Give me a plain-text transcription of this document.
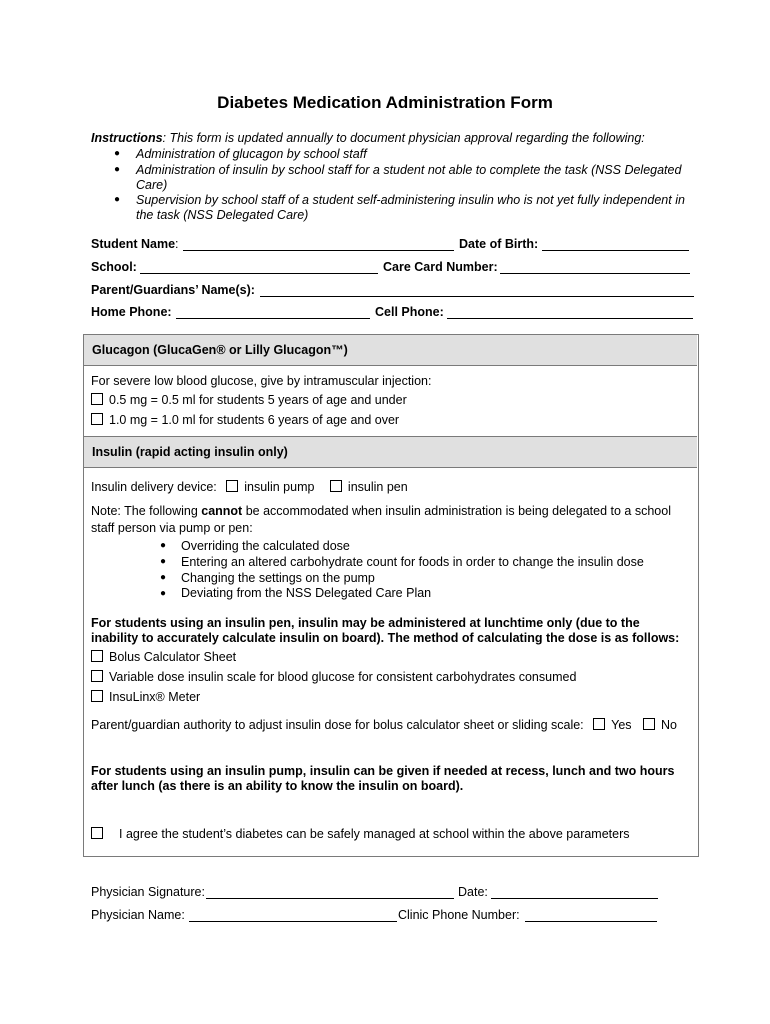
Diabetes Medication Administration Form
Instructions: This form is updated annually to document physician approval regarding the following:
● Administration of glucagon by school staff
● Administration of insulin by school staff for a student not able to complete the task (NSS Delegated
Care)
● Supervision by school staff of a student self-administering insulin who is not yet fully independent in
the task (NSS Delegated Care)
Student Name:	Date of Birth:
School:	Care Card Number:
Parent/Guardians’ Name(s):
Home Phone:	Cell Phone:
Glucagon (GlucaGen® or Lilly Glucagon™)
For severe low blood glucose, give by intramuscular injection:
0.5 mg = 0.5 ml for students 5 years of age and under
1.0 mg = 1.0 ml for students 6 years of age and over
Insulin (rapid acting insulin only)
Insulin delivery device: insulin pump	insulin pen
Note: The following cannot be accommodated when insulin administration is being delegated to a school
staff person via pump or pen:
● Overriding the calculated dose
● Entering an altered carbohydrate count for foods in order to change the insulin dose
● Changing the settings on the pump
● Deviating from the NSS Delegated Care Plan
For students using an insulin pen, insulin may be administered at lunchtime only (due to the
inability to accurately calculate insulin on board). The method of calculating the dose is as follows:
Bolus Calculator Sheet
Variable dose insulin scale for blood glucose for consistent carbohydrates consumed
InsuLinx® Meter
Parent/guardian authority to adjust insulin dose for bolus calculator sheet or sliding scale: Yes No
For students using an insulin pump, insulin can be given if needed at recess, lunch and two hours
after lunch (as there is an ability to know the insulin on board).
I agree the student’s diabetes can be safely managed at school within the above parameters
Physician Signature:	Date:
Physician Name:	Clinic Phone Number:
